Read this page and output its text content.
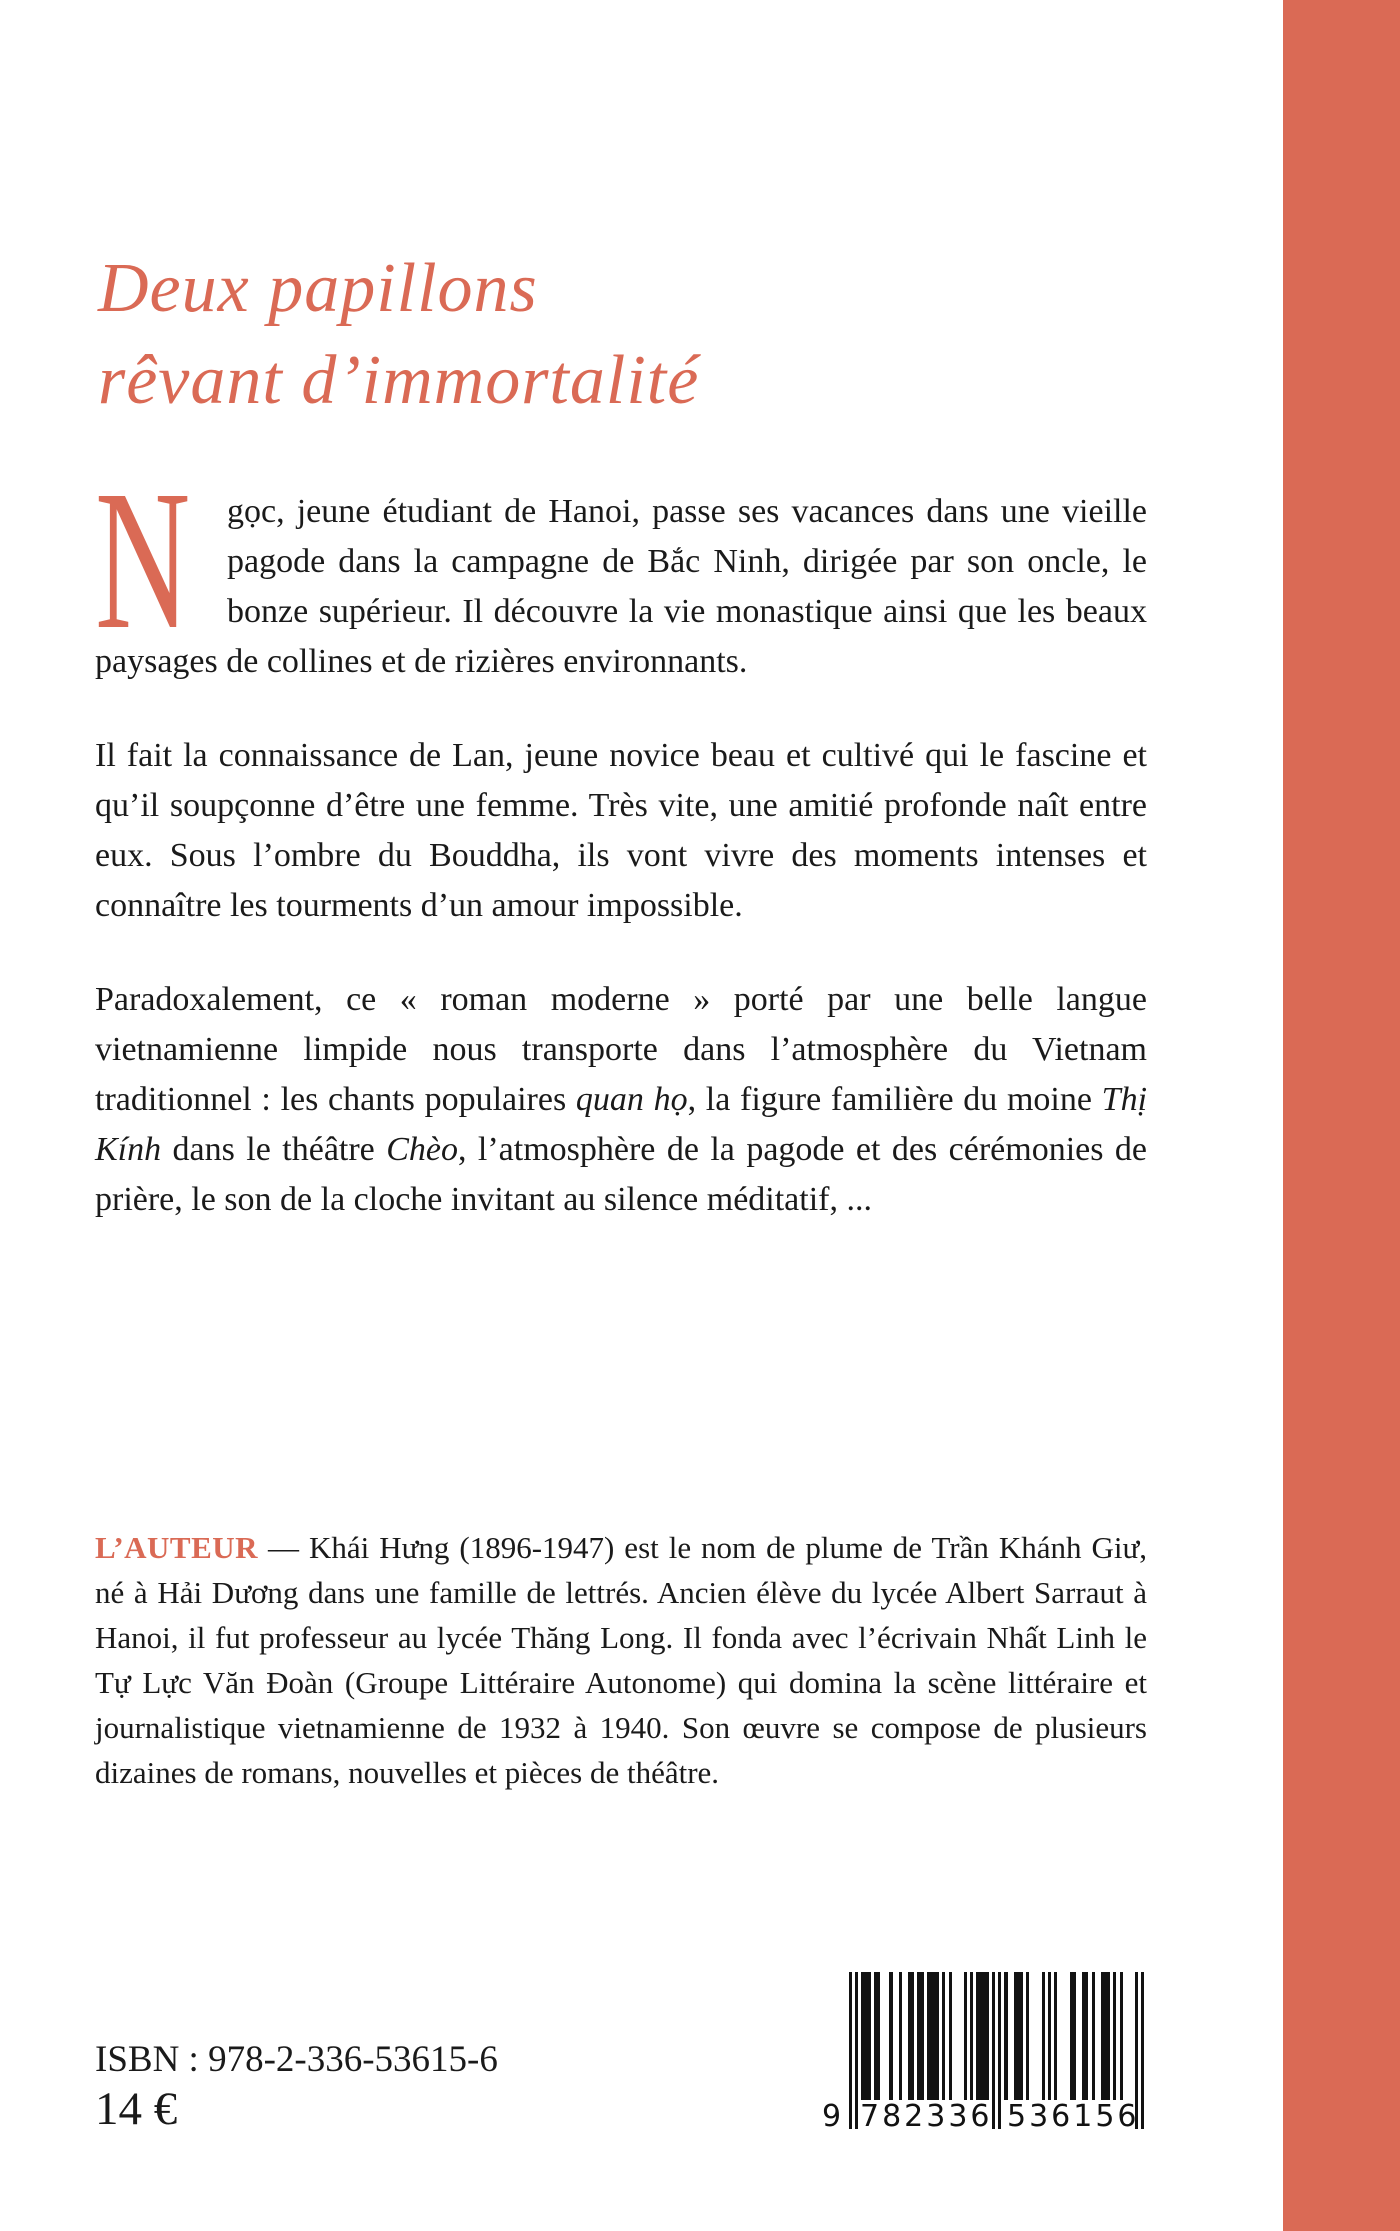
Deux papillons
rêvant d’immortalité

N gọc, jeune étudiant de Hanoi, passe ses vacances dans une vieille pagode dans la campagne de Bắc Ninh, dirigée par son oncle, le bonze supérieur. Il découvre la vie monastique ainsi que les beaux paysages de collines et de rizières environnants.

Il fait la connaissance de Lan, jeune novice beau et cultivé qui le fascine et qu’il soupçonne d’être une femme. Très vite, une amitié profonde naît entre eux. Sous l’ombre du Bouddha, ils vont vivre des moments intenses et connaître les tourments d’un amour impossible.

Paradoxalement, ce « roman moderne » porté par une belle langue vietnamienne limpide nous transporte dans l’atmosphère du Vietnam traditionnel : les chants populaires quan họ, la figure familière du moine Thị Kính dans le théâtre Chèo, l’atmosphère de la pagode et des cérémonies de prière, le son de la cloche invitant au silence méditatif, ...

L’AUTEUR — Khái Hưng (1896-1947) est le nom de plume de Trần Khánh Giư, né à Hải Dương dans une famille de lettrés. Ancien élève du lycée Albert Sarraut à Hanoi, il fut professeur au lycée Thăng Long. Il fonda avec l’écrivain Nhất Linh le Tự Lực Văn Đoàn (Groupe Littéraire Autonome) qui domina la scène littéraire et journalistique vietnamienne de 1932 à 1940. Son œuvre se compose de plusieurs dizaines de romans, nouvelles et pièces de théâtre.
ISBN : 978-2-336-53615-6
14 €	9 782336 536156
